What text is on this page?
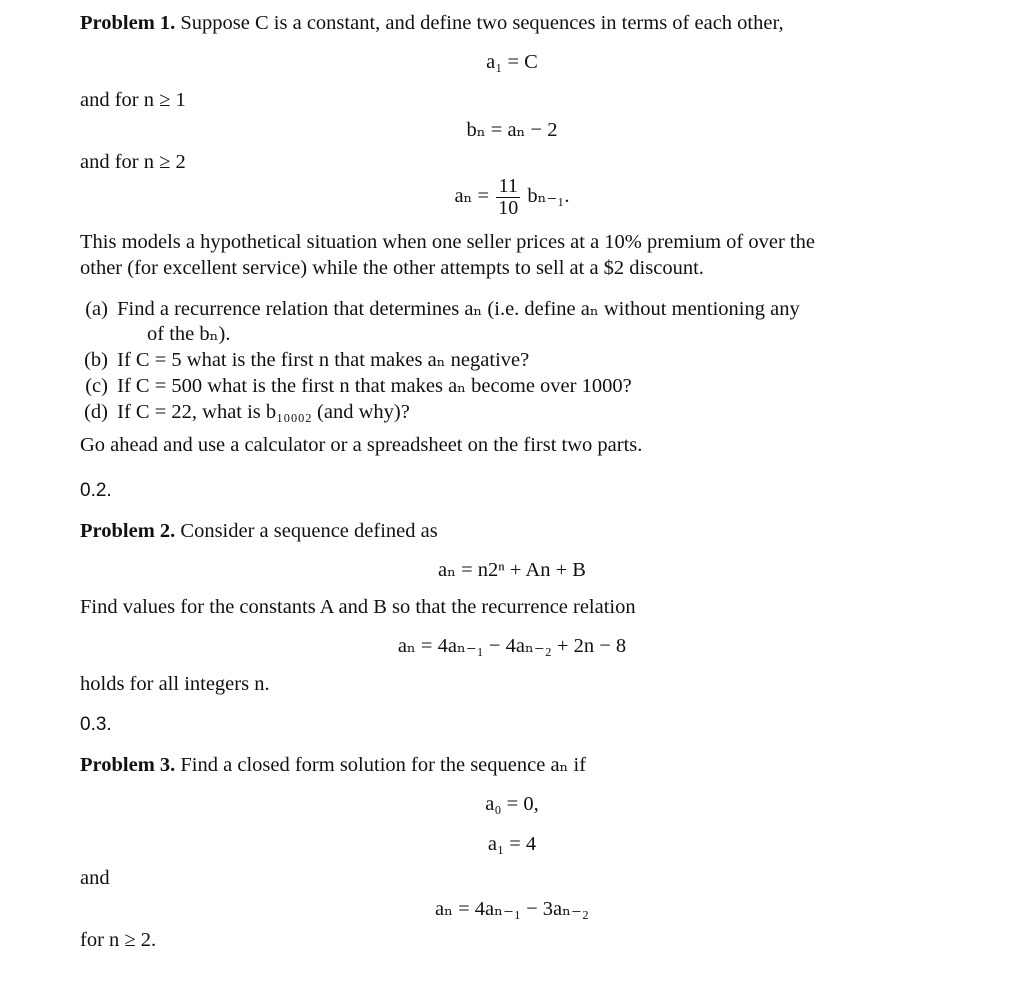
Problem 1. Suppose C is a constant, and define two sequences in terms of each other,
a₁ = C
and for n ≥ 1
bₙ = aₙ − 2
and for n ≥ 2
$a_n = \frac{11}{10} b_{n-1}$.
This models a hypothetical situation when one seller prices at a 10% premium of over the
other (for excellent service) while the other attempts to sell at a $2 discount.
(a) Find a recurrence relation that determines aₙ (i.e. define aₙ without mentioning any
of the bₙ).
(b) If C = 5 what is the first n that makes aₙ negative?
(c) If C = 500 what is the first n that makes aₙ become over 1000?
(d) If C = 22, what is b₁₀₀₀₂ (and why)?
Go ahead and use a calculator or a spreadsheet on the first two parts.
0.2.
Problem 2. Consider a sequence defined as
aₙ = n2ⁿ + An + B
Find values for the constants A and B so that the recurrence relation
aₙ = 4aₙ₋₁ − 4aₙ₋₂ + 2n − 8
holds for all integers n.
0.3.
Problem 3. Find a closed form solution for the sequence aₙ if
a₀ = 0,
a₁ = 4
and
aₙ = 4aₙ₋₁ − 3aₙ₋₂
for n ≥ 2.
